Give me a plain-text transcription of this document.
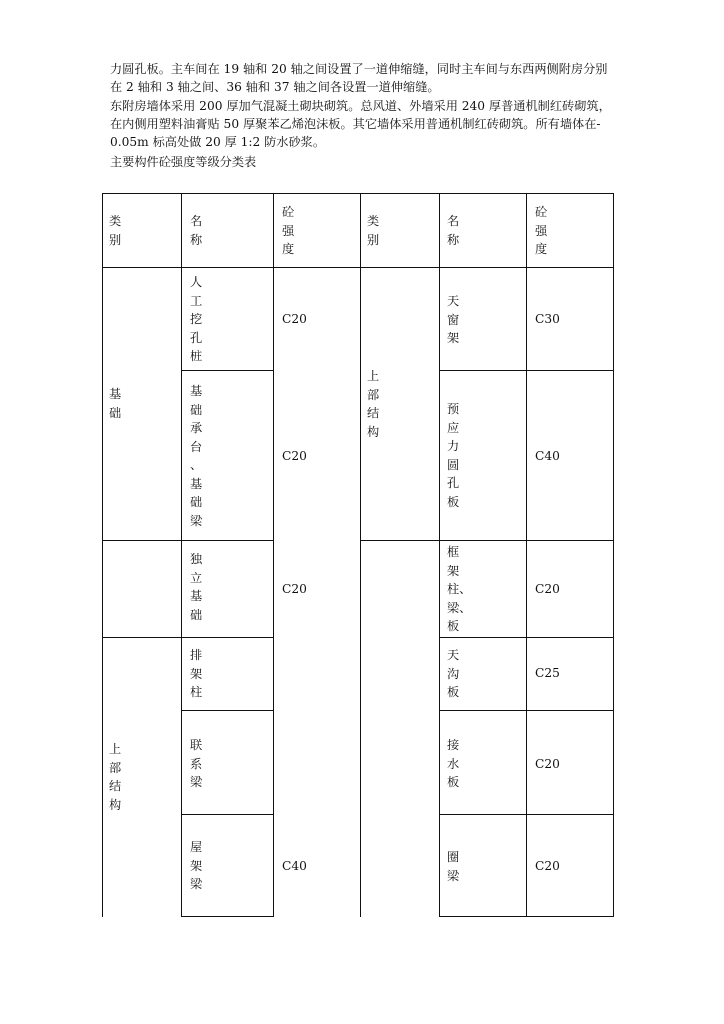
力圆孔板。主车间在 19 轴和 20 轴之间设置了一道伸缩缝，同时主车间与东西两侧附房分别
在 2 轴和 3 轴之间、36 轴和 37 轴之间各设置一道伸缩缝。

东附房墙体采用 200 厚加气混凝土砌块砌筑。总风道、外墙采用 240 厚普通机制红砖砌筑，
在内侧用塑料油膏贴 50 厚聚苯乙烯泡沫板。其它墙体采用普通机制红砖砌筑。所有墙体在-
0.05m 标高处做 20 厚 1:2 防水砂浆。

主要构件砼强度等级分类表

类
别

名
称

砼
强
度

类
别

名
称

砼
强
度

基
础

上
部
结
构

上
部
结
构

人
工
挖
孔
桩

C20

天
窗
架

C30

基
础
承
台
、
基
础
梁

C20

预
应
力
圆
孔
板

C40

独
立
基
础

C20

框
架
柱、
梁、
板

C20

排
架
柱

天
沟
板

C25

联
系
梁

接
水
板

C20

屋
架
梁

C40

圈
梁

C20
